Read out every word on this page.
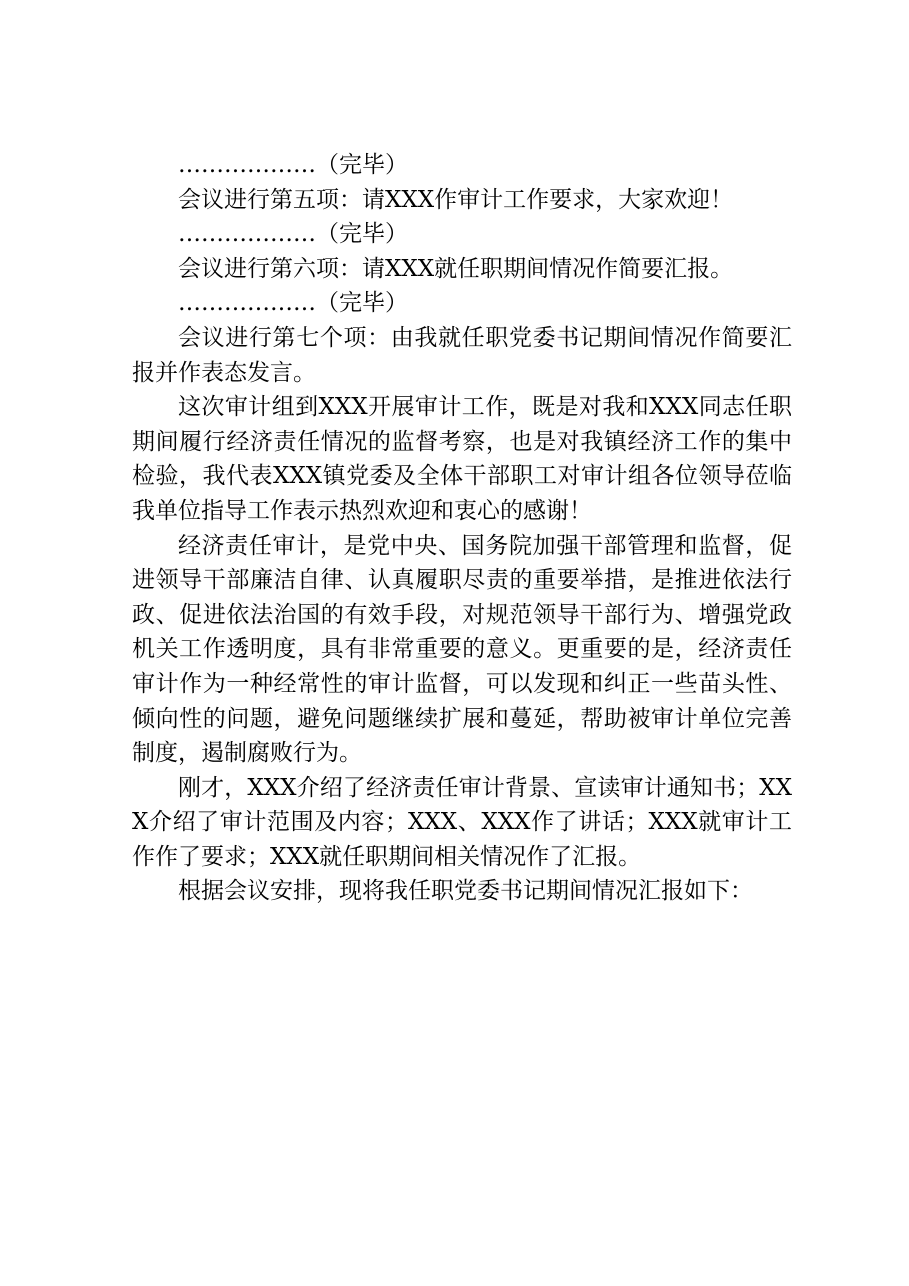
………………（完毕）

会议进行第五项：请XXX作审计工作要求，大家欢迎！

………………（完毕）

会议进行第六项：请XXX就任职期间情况作简要汇报。

………………（完毕）

会议进行第七个项：由我就任职党委书记期间情况作简要汇报并作表态发言。

这次审计组到XXX开展审计工作，既是对我和XXX同志任职期间履行经济责任情况的监督考察，也是对我镇经济工作的集中检验，我代表XXX镇党委及全体干部职工对审计组各位领导莅临我单位指导工作表示热烈欢迎和衷心的感谢！

经济责任审计，是党中央、国务院加强干部管理和监督，促进领导干部廉洁自律、认真履职尽责的重要举措，是推进依法行政、促进依法治国的有效手段，对规范领导干部行为、增强党政机关工作透明度，具有非常重要的意义。更重要的是，经济责任审计作为一种经常性的审计监督，可以发现和纠正一些苗头性、倾向性的问题，避免问题继续扩展和蔓延，帮助被审计单位完善制度，遏制腐败行为。

刚才，XXX介绍了经济责任审计背景、宣读审计通知书；XXX介绍了审计范围及内容；XXX、XXX作了讲话；XXX就审计工作作了要求；XXX就任职期间相关情况作了汇报。

根据会议安排，现将我任职党委书记期间情况汇报如下：
